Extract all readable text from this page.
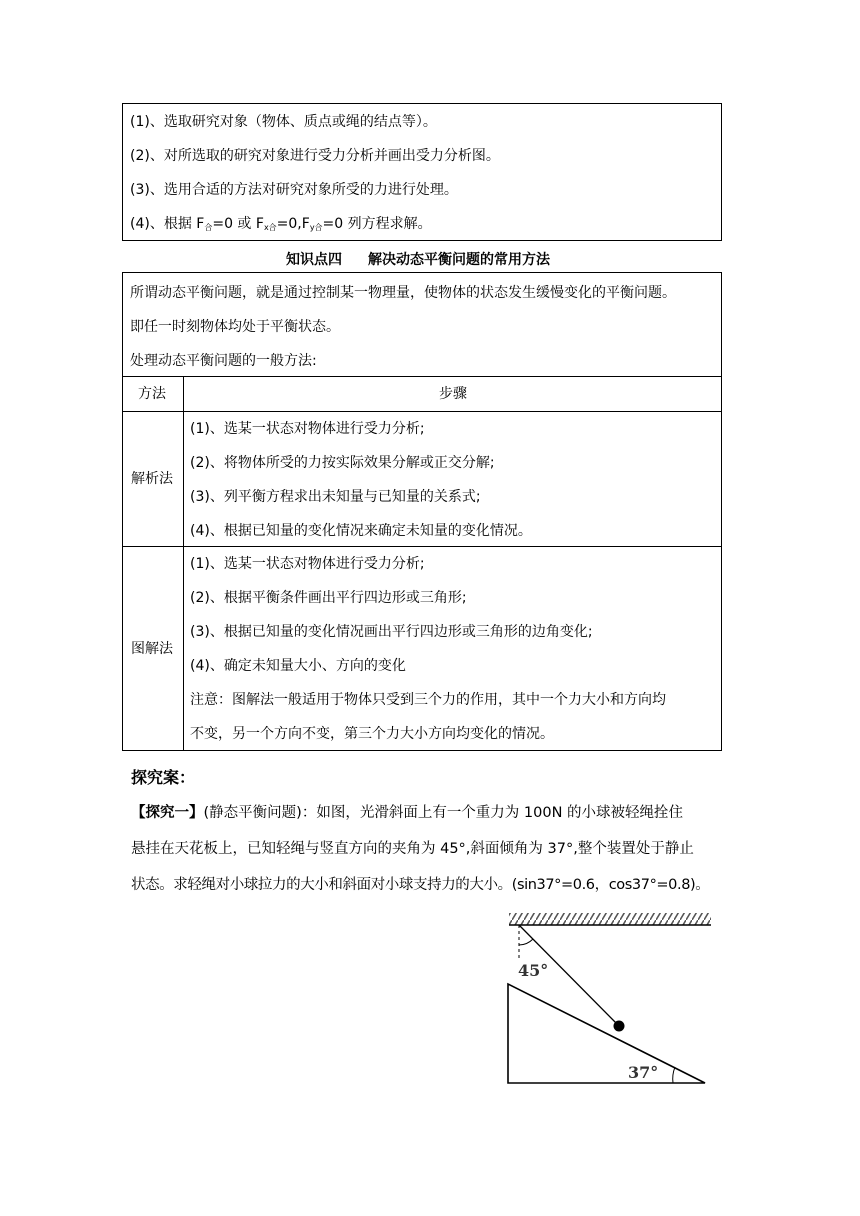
(1)、选取研究对象（物体、质点或绳的结点等）。
(2)、对所选取的研究对象进行受力分析并画出受力分析图。
(3)、选用合适的方法对研究对象所受的力进行处理。
(4)、根据 $F_合=0$ 或 $F_{x合}=0,F_{y合}=0$ 列方程求解。
知识点四 解决动态平衡问题的常用方法
所谓动态平衡问题，就是通过控制某一物理量，使物体的状态发生缓慢变化的平衡问题。
即任一时刻物体均处于平衡状态。
处理动态平衡问题的一般方法:
方法	步骤
解析法
(1)、选某一状态对物体进行受力分析;
(2)、将物体所受的力按实际效果分解或正交分解;
(3)、列平衡方程求出未知量与已知量的关系式;
(4)、根据已知量的变化情况来确定未知量的变化情况。
图解法
(1)、选某一状态对物体进行受力分析;
(2)、根据平衡条件画出平行四边形或三角形;
(3)、根据已知量的变化情况画出平行四边形或三角形的边角变化;
(4)、确定未知量大小、方向的变化
注意：图解法一般适用于物体只受到三个力的作用，其中一个力大小和方向均
不变，另一个方向不变，第三个力大小方向均变化的情况。
探究案：
【探究一】(静态平衡问题)：如图，光滑斜面上有一个重力为 100N 的小球被轻绳拴住
悬挂在天花板上，已知轻绳与竖直方向的夹角为 45°,斜面倾角为 37°,整个装置处于静止
状态。求轻绳对小球拉力的大小和斜面对小球支持力的大小。(sin37°=0.6，cos37°=0.8)。
45°
37°
